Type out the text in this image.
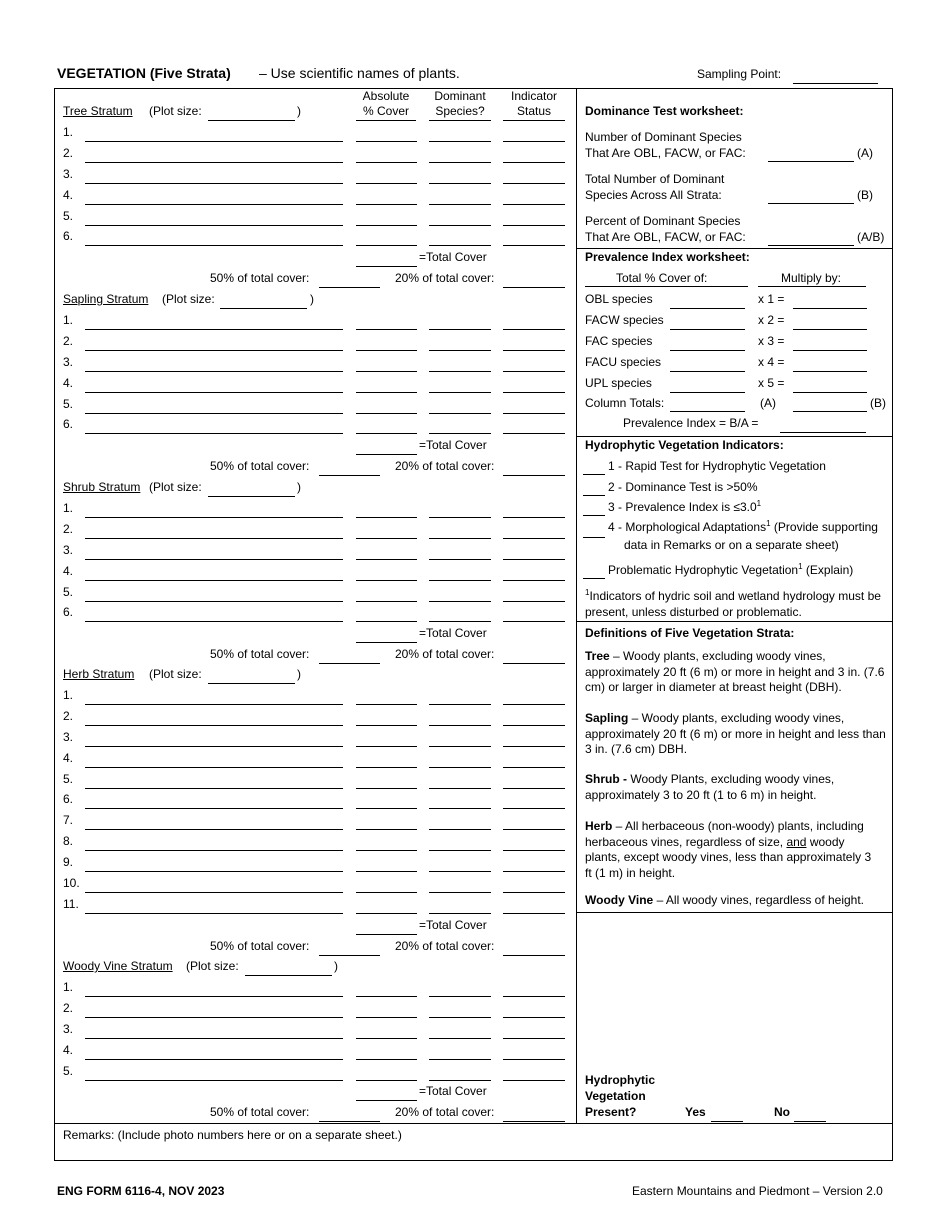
VEGETATION (Five Strata) – Use scientific names of plants.	Sampling Point:
Absolute
% Cover
Dominant
Species?
Indicator
Status
Tree Stratum (Plot size:	)
1.
2.
3.
4.
5.
6.
=Total Cover
50% of total cover:	20% of total cover:
Sapling Stratum (Plot size:	)
1.
2.
3.
4.
5.
6.
=Total Cover
50% of total cover:	20% of total cover:
Shrub Stratum (Plot size:	)
1.
2.
3.
4.
5.
6.
=Total Cover
50% of total cover:	20% of total cover:
Herb Stratum (Plot size:	)
1.
2.
3.
4.
5.
6.
7.
8.
9.
10.
11.
=Total Cover
50% of total cover:	20% of total cover:
Woody Vine Stratum (Plot size:	)
1.
2.
3.
4.
5.
=Total Cover
50% of total cover:	20% of total cover:
Dominance Test worksheet:
Number of Dominant Species
That Are OBL, FACW, or FAC:	(A)
Total Number of Dominant
Species Across All Strata:	(B)
Percent of Dominant Species
That Are OBL, FACW, or FAC:	(A/B)
Prevalence Index worksheet:
Total % Cover of:	Multiply by:
OBL species	x 1 =
FACW species	x 2 =
FAC species	x 3 =
FACU species	x 4 =
UPL species	x 5 =
Column Totals:	(A)	(B)
Prevalence Index = B/A =
Hydrophytic Vegetation Indicators:
1 - Rapid Test for Hydrophytic Vegetation
2 - Dominance Test is >50%
3 - Prevalence Index is $\le 3.0^1$
4 - Morphological Adaptations$^1$ (Provide supporting
data in Remarks or on a separate sheet)
Problematic Hydrophytic Vegetation$^1$ (Explain)
$^1$Indicators of hydric soil and wetland hydrology must be
present, unless disturbed or problematic.
Definitions of Five Vegetation Strata:
Tree – Woody plants, excluding woody vines, approximately 20 ft (6 m) or more in height and 3 in. (7.6 cm) or larger in diameter at breast height (DBH).
Sapling – Woody plants, excluding woody vines, approximately 20 ft (6 m) or more in height and less than 3 in. (7.6 cm) DBH.
Shrub - Woody Plants, excluding woody vines, approximately 3 to 20 ft (1 to 6 m) in height.
Herb – All herbaceous (non-woody) plants, including herbaceous vines, regardless of size, and woody plants, except woody vines, less than approximately 3 ft (1 m) in height.
Woody Vine – All woody vines, regardless of height.
Hydrophytic
Vegetation
Present?	Yes	No
Remarks: (Include photo numbers here or on a separate sheet.)
ENG FORM 6116-4, NOV 2023	Eastern Mountains and Piedmont – Version 2.0
